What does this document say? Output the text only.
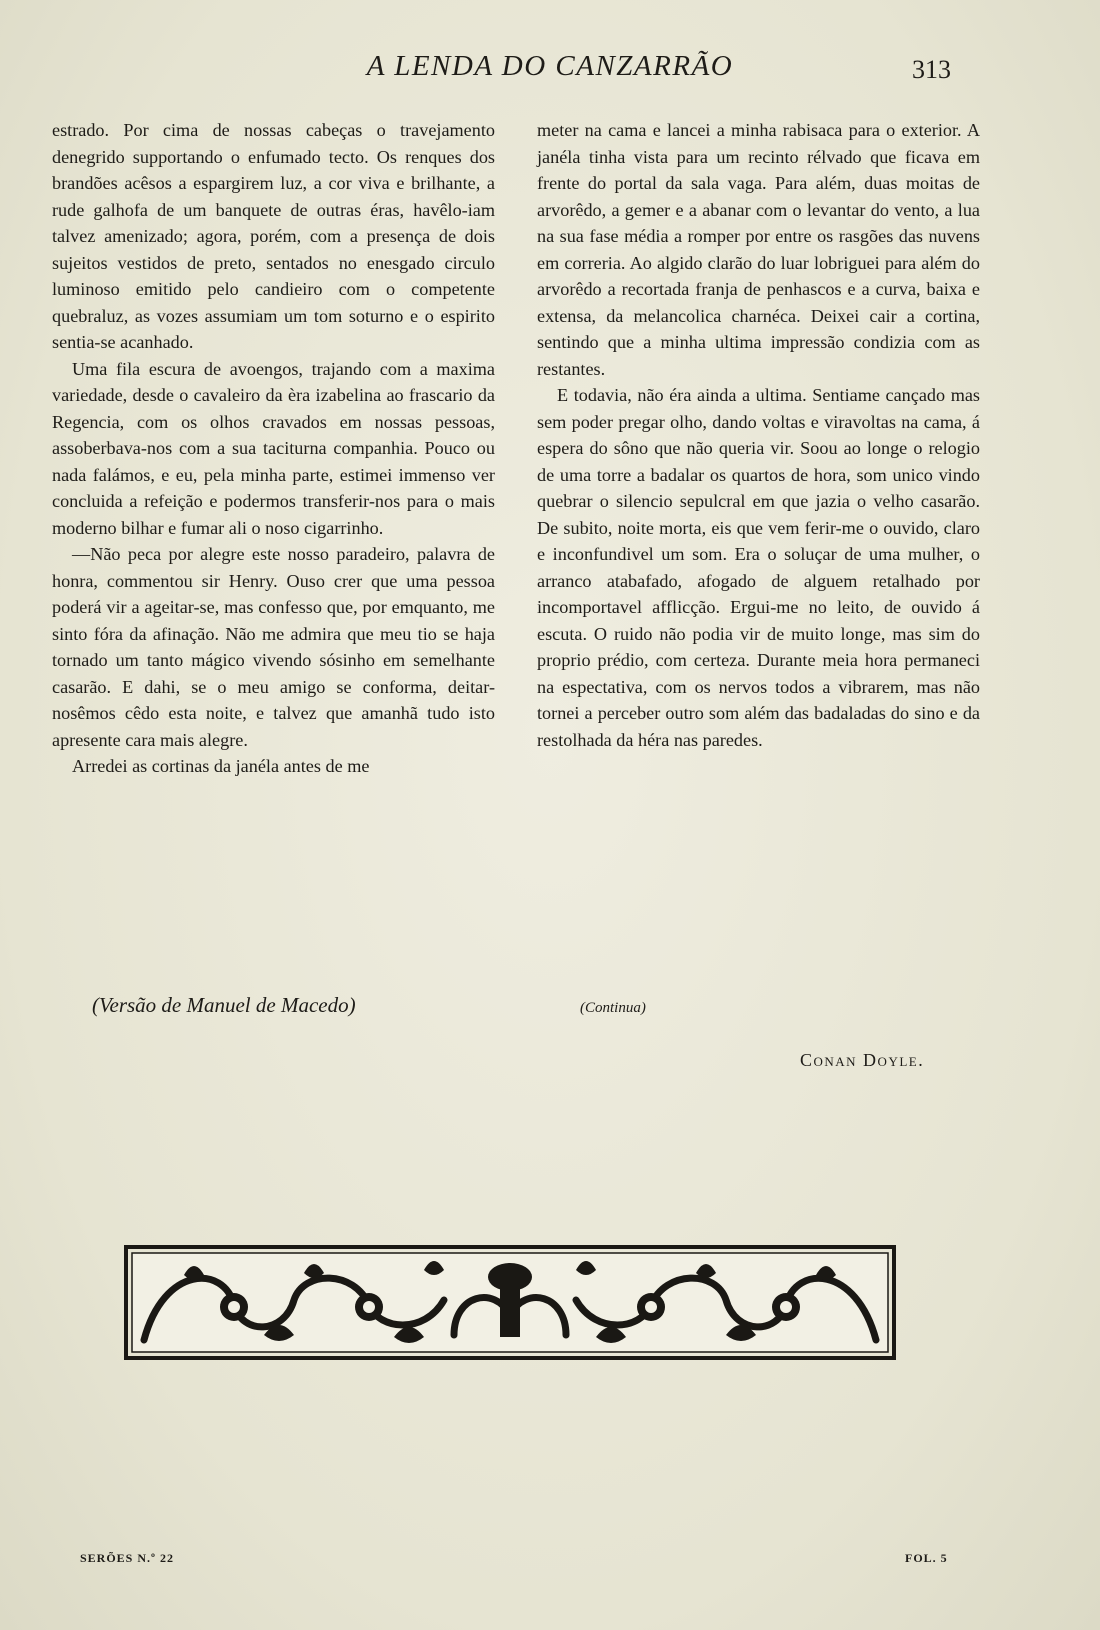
A LENDA DO CANZARRÃO	313

estrado. Por cima de nossas cabeças o travejamento denegrido supportando o enfumado tecto. Os renques dos brandões acêsos a espargirem luz, a cor viva e brilhante, a rude galhofa de um banquete de outras éras, havêlo-iam talvez amenizado; agora, porém, com a presença de dois sujeitos vestidos de preto, sentados no enesgado circulo luminoso emitido pelo candieiro com o competente quebraluz, as vozes assumiam um tom soturno e o espirito sentia-se acanhado.

Uma fila escura de avoengos, trajando com a maxima variedade, desde o cavaleiro da èra izabelina ao frascario da Regencia, com os olhos cravados em nossas pessoas, assoberbava-nos com a sua taciturna companhia. Pouco ou nada falámos, e eu, pela minha parte, estimei immenso ver concluida a refeição e podermos transferir-nos para o mais moderno bilhar e fumar ali o noso cigarrinho.

—Não peca por alegre este nosso paradeiro, palavra de honra, commentou sir Henry. Ouso crer que uma pessoa poderá vir a ageitar-se, mas confesso que, por emquanto, me sinto fóra da afinação. Não me admira que meu tio se haja tornado um tanto mágico vivendo sósinho em semelhante casarão. E dahi, se o meu amigo se conforma, deitar-nosêmos cêdo esta noite, e talvez que amanhã tudo isto apresente cara mais alegre.

Arredei as cortinas da janéla antes de me

meter na cama e lancei a minha rabisaca para o exterior. A janéla tinha vista para um recinto rélvado que ficava em frente do portal da sala vaga. Para além, duas moitas de arvorêdo, a gemer e a abanar com o levantar do vento, a lua na sua fase média a romper por entre os rasgões das nuvens em correria. Ao algido clarão do luar lobriguei para além do arvorêdo a recortada franja de penhascos e a curva, baixa e extensa, da melancolica charnéca. Deixei cair a cortina, sentindo que a minha ultima impressão condizia com as restantes.

E todavia, não éra ainda a ultima. Sentiame cançado mas sem poder pregar olho, dando voltas e viravoltas na cama, á espera do sôno que não queria vir. Soou ao longe o relogio de uma torre a badalar os quartos de hora, som unico vindo quebrar o silencio sepulcral em que jazia o velho casarão. De subito, noite morta, eis que vem ferir-me o ouvido, claro e inconfundivel um som. Era o soluçar de uma mulher, o arranco atabafado, afogado de alguem retalhado por incomportavel afflicção. Ergui-me no leito, de ouvido á escuta. O ruido não podia vir de muito longe, mas sim do proprio prédio, com certeza. Durante meia hora permaneci na espectativa, com os nervos todos a vibrarem, mas não tornei a perceber outro som além das badaladas do sino e da restolhada da héra nas paredes.

(Versão de Manuel de Macedo)	(Continua)
Conan Doyle.
SERÕES N.º 22	FOL. 5
